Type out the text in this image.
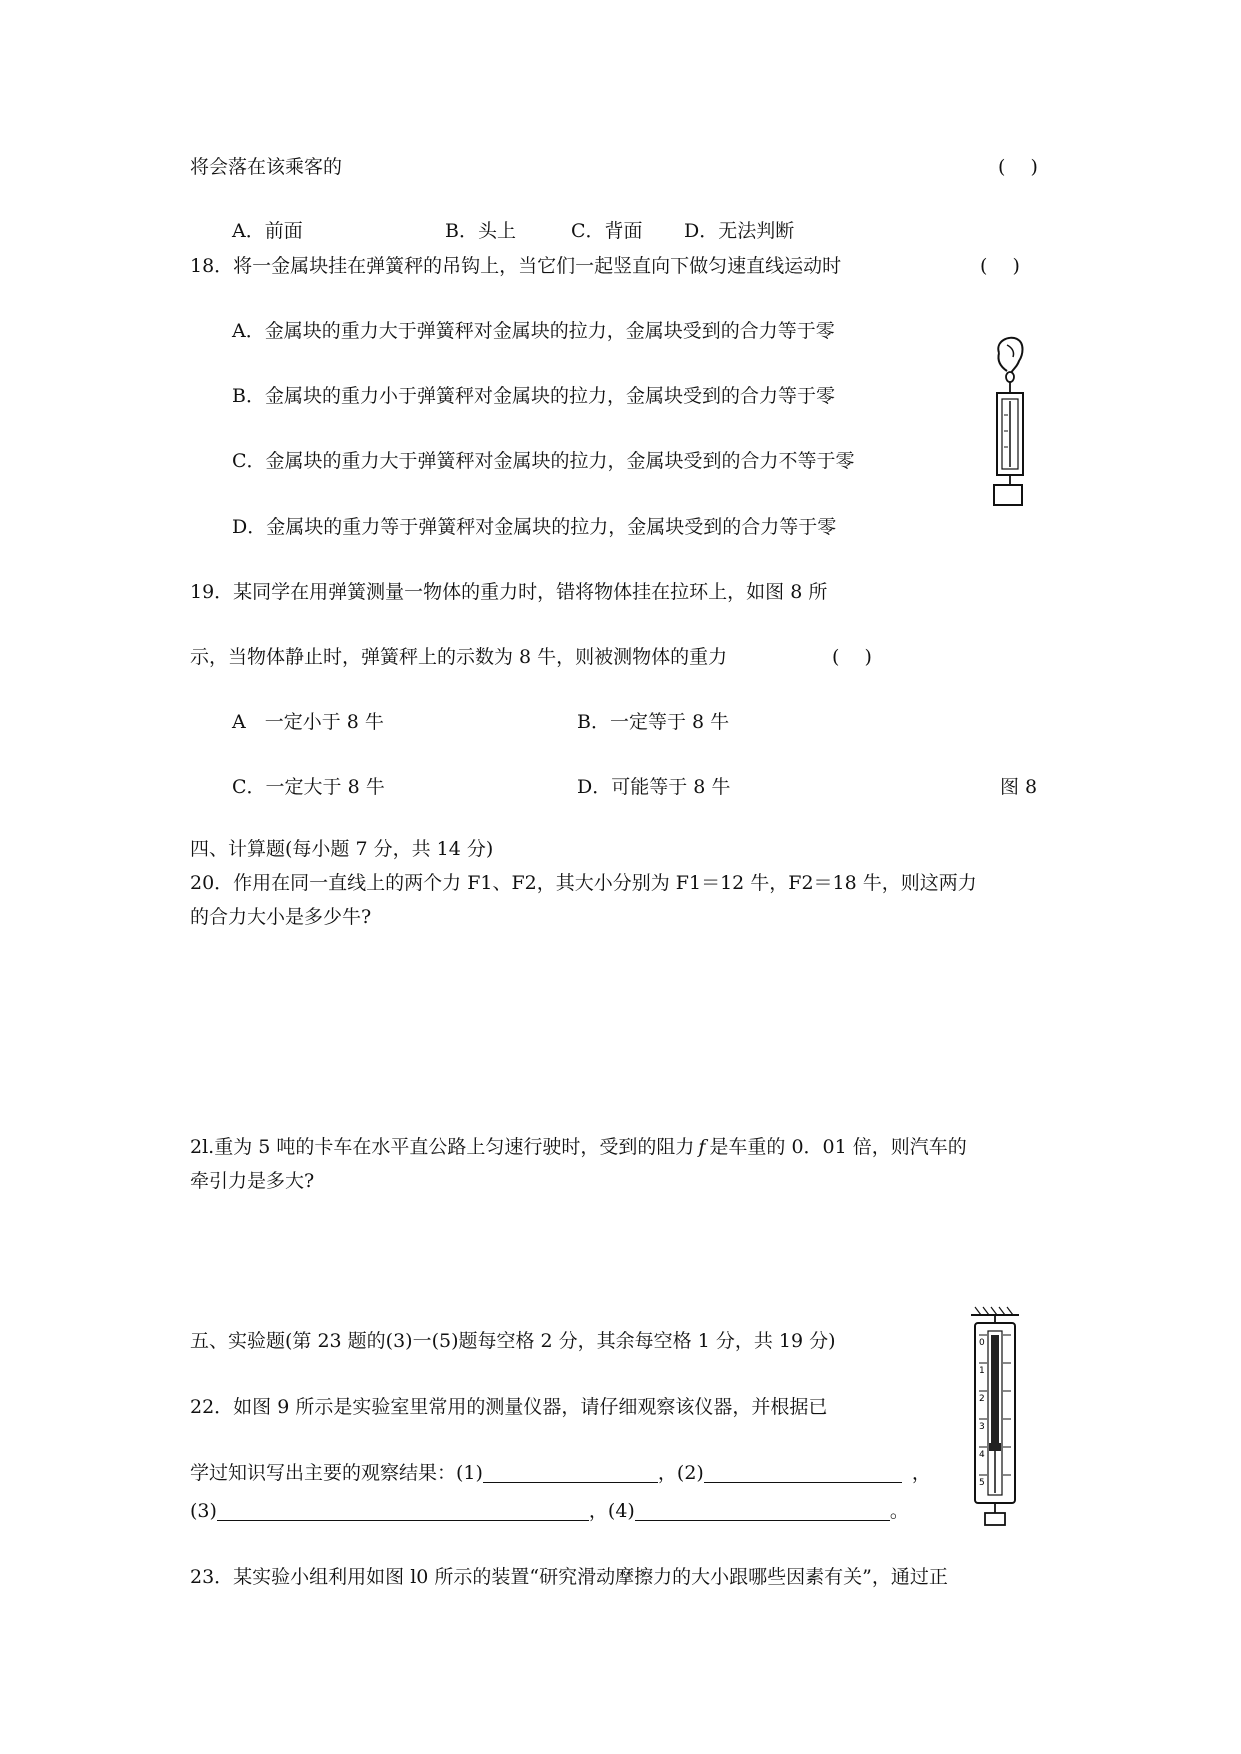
将会落在该乘客的	(　 )
A．前面	B．头上	C．背面 D．无法判断
18．将一金属块挂在弹簧秤的吊钩上，当它们一起竖直向下做匀速直线运动时	(　 )
A．金属块的重力大于弹簧秤对金属块的拉力，金属块受到的合力等于零
B．金属块的重力小于弹簧秤对金属块的拉力，金属块受到的合力等于零
C．金属块的重力大于弹簧秤对金属块的拉力，金属块受到的合力不等于零
D．金属块的重力等于弹簧秤对金属块的拉力，金属块受到的合力等于零
19．某同学在用弹簧测量一物体的重力时，错将物体挂在拉环上，如图 8 所
示，当物体静止时，弹簧秤上的示数为 8 牛，则被测物体的重力	(　 )
A　一定小于 8 牛	B．一定等于 8 牛
C．一定大于 8 牛	D．可能等于 8 牛	图 8
四、计算题(每小题 7 分，共 14 分)
20．作用在同一直线上的两个力 F1、F2，其大小分别为 F1＝12 牛，F2＝18 牛，则这两力
的合力大小是多少牛?
2l.重为 5 吨的卡车在水平直公路上匀速行驶时，受到的阻力 f 是车重的 0．01 倍，则汽车的
牵引力是多大?
五、实验题(第 23 题的(3)一(5)题每空格 2 分，其余每空格 1 分，共 19 分)
22．如图 9 所示是实验室里常用的测量仪器，请仔细观察该仪器，并根据已
学过知识写出主要的观察结果：(1)	，(2)	，
(3)	，(4)	。
0
1
2
3
4
5
23．某实验小组利用如图 l0 所示的装置“研究滑动摩擦力的大小跟哪些因素有关”，通过正
